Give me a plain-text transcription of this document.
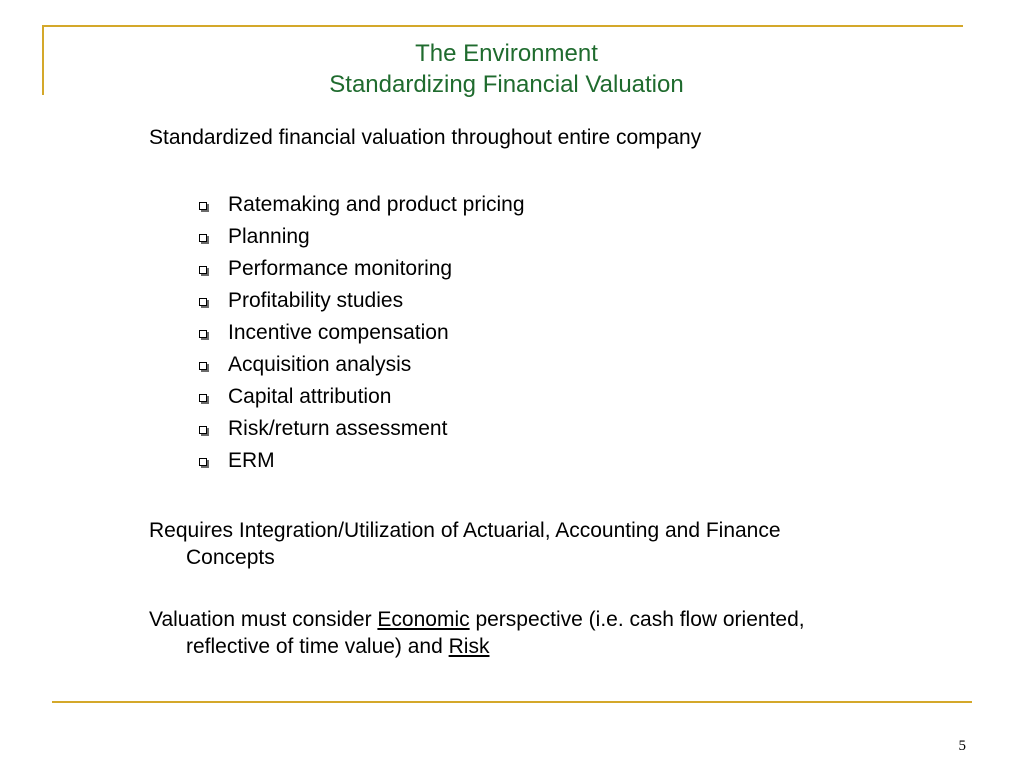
The Environment
Standardizing Financial Valuation
Standardized financial valuation throughout entire company
Ratemaking and product pricing
Planning
Performance monitoring
Profitability studies
Incentive compensation
Acquisition analysis
Capital attribution
Risk/return assessment
ERM
Requires Integration/Utilization of Actuarial, Accounting and Finance Concepts
Valuation must consider Economic perspective (i.e. cash flow oriented, reflective of time value) and Risk
5
